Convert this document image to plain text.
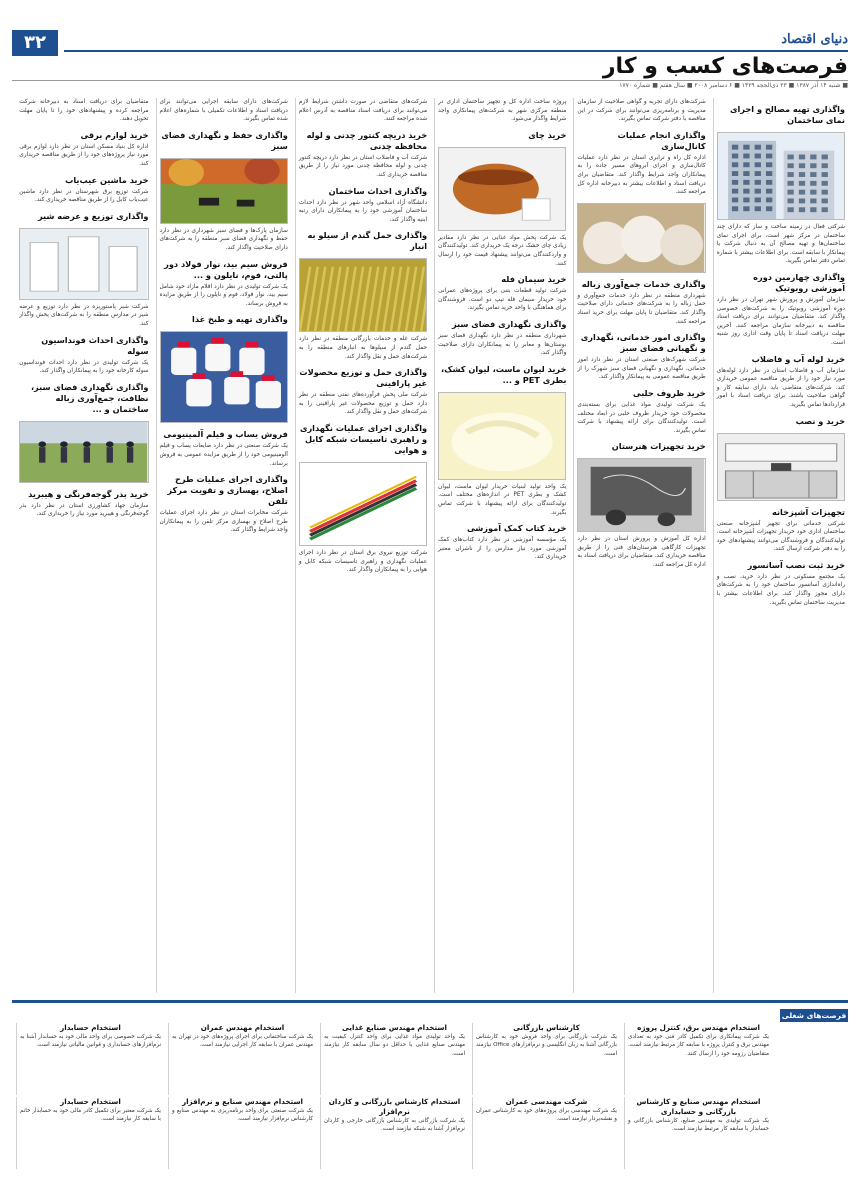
۳۲	دنیای اقتصاد
فرصت‌های کسب و کار
■ شنبه ۱۴ آذر ۱۳۸۷ ■ ۲۳ ذی‌الحجه ۱۴۲۹ ■ ۶ دسامبر ۲۰۰۸ ■ سال هفتم ■ شماره ۱۷۷۰
واگذاری تهیه مصالح و اجرای نمای ساختمان
شرکتی فعال در زمینه ساخت و ساز که دارای چند ساختمان در مرکز شهر است، برای اجرای نمای ساختمان‌ها و تهیه مصالح آن به دنبال شرکت یا پیمانکار با سابقه است. برای اطلاعات بیشتر با شماره تماس دفتر تماس بگیرید.
واگذاری چهارمین دوره آموزشی روبوتیک
سازمان آموزش و پرورش شهر تهران در نظر دارد دوره آموزشی روبوتیک را به شرکت‌های خصوصی واگذار کند. متقاضیان می‌توانند برای دریافت اسناد مناقصه به دبیرخانه سازمان مراجعه کنند. آخرین مهلت دریافت اسناد تا پایان وقت اداری روز شنبه است.
خرید لوله آب و فاضلاب
سازمان آب و فاضلاب استان در نظر دارد لوله‌های مورد نیاز خود را از طریق مناقصه عمومی خریداری کند. شرکت‌های متقاضی باید دارای سابقه کار و گواهی صلاحیت باشند. برای دریافت اسناد با امور قراردادها تماس بگیرید.
خرید و نصب
تجهیزات آشپزخانه
شرکتی خدماتی برای تجهیز آشپزخانه صنعتی ساختمان اداری خود خریدار تجهیزات آشپزخانه است. تولیدکنندگان و فروشندگان می‌توانند پیشنهادهای خود را به دفتر شرکت ارسال کنند.
خرید ثبت نصب آسانسور
یک مجتمع مسکونی در نظر دارد خرید، نصب و راه‌اندازی آسانسور ساختمان خود را به شرکت‌های دارای مجوز واگذار کند. برای اطلاعات بیشتر با مدیریت ساختمان تماس بگیرید.
شرکت‌های دارای تجربه و گواهی صلاحیت از سازمان مدیریت و برنامه‌ریزی می‌توانند برای شرکت در این مناقصه با دفتر شرکت تماس بگیرند.
واگذاری انجام عملیات کانال‌سازی
اداره کل راه و ترابری استان در نظر دارد عملیات کانال‌سازی و اجرای آبروهای مسیر جاده را به پیمانکاران واجد شرایط واگذار کند. متقاضیان برای دریافت اسناد و اطلاعات بیشتر به دبیرخانه اداره کل مراجعه کنند.
واگذاری خدمات جمع‌آوری زباله
شهرداری منطقه در نظر دارد خدمات جمع‌آوری و حمل زباله را به شرکت‌های خدماتی دارای صلاحیت واگذار کند. متقاضیان تا پایان مهلت برای خرید اسناد مراجعه کنند.
واگذاری امور خدماتی، نگهداری و نگهبانی فضای سبز
شرکت شهرک‌های صنعتی استان در نظر دارد امور خدماتی، نگهداری و نگهبانی فضای سبز شهرک را از طریق مناقصه عمومی به پیمانکار واگذار کند.
خرید ظروف حلبی
یک شرکت تولیدی مواد غذایی برای بسته‌بندی محصولات خود خریدار ظروف حلبی در ابعاد مختلف است. تولیدکنندگان برای ارائه پیشنهاد با شرکت تماس بگیرند.
خرید تجهیزات هنرستان
اداره کل آموزش و پرورش استان در نظر دارد تجهیزات کارگاهی هنرستان‌های فنی را از طریق مناقصه خریداری کند. متقاضیان برای دریافت اسناد به اداره کل مراجعه کنند.
پروژه ساخت اداره کل و تجهیز ساختمان اداری در منطقه مرکزی شهر به شرکت‌های پیمانکاری واجد شرایط واگذار می‌شود.
خرید چای
یک شرکت پخش مواد غذایی در نظر دارد مقادیر زیادی چای خشک درجه یک خریداری کند. تولیدکنندگان و واردکنندگان می‌توانند پیشنهاد قیمت خود را ارسال کنند.
خرید سیمان فله
شرکت تولید قطعات بتنی برای پروژه‌های عمرانی خود خریدار سیمان فله تیپ دو است. فروشندگان برای هماهنگی با واحد خرید تماس بگیرند.
واگذاری نگهداری فضای سبز
شهرداری منطقه در نظر دارد نگهداری فضای سبز بوستان‌ها و معابر را به پیمانکاران دارای صلاحیت واگذار کند.
خرید لیوان ماست، لیوان کشک، بطری PET و ...
یک واحد تولید لبنیات خریدار لیوان ماست، لیوان کشک و بطری PET در اندازه‌های مختلف است. تولیدکنندگان برای ارائه پیشنهاد با شرکت تماس بگیرند.
خرید کتاب کمک آموزشی
یک مؤسسه آموزشی در نظر دارد کتاب‌های کمک آموزشی مورد نیاز مدارس را از ناشران معتبر خریداری کند.
شرکت‌های متقاضی در صورت داشتن شرایط لازم می‌توانند برای دریافت اسناد مناقصه به آدرس اعلام شده مراجعه کنند.
خرید دریچه کنتور چدنی و لوله محافظه چدنی
شرکت آب و فاضلاب استان در نظر دارد دریچه کنتور چدنی و لوله محافظه چدنی مورد نیاز را از طریق مناقصه خریداری کند.
واگذاری احداث ساختمان
دانشگاه آزاد اسلامی واحد شهر در نظر دارد احداث ساختمان آموزشی خود را به پیمانکاران دارای رتبه ابنیه واگذار کند.
واگذاری حمل گندم از سیلو به انبار
شرکت غله و خدمات بازرگانی منطقه در نظر دارد حمل گندم از سیلوها به انبارهای منطقه را به شرکت‌های حمل و نقل واگذار کند.
واگذاری حمل و توزیع محصولات غیر پارافینی
شرکت ملی پخش فرآورده‌های نفتی منطقه در نظر دارد حمل و توزیع محصولات غیر پارافینی را به شرکت‌های حمل و نقل واگذار کند.
واگذاری اجرای عملیات نگهداری و راهبری تاسیسات شبکه کابل و هوایی
شرکت توزیع نیروی برق استان در نظر دارد اجرای عملیات نگهداری و راهبری تاسیسات شبکه کابل و هوایی را به پیمانکاران واگذار کند.
شرکت‌های دارای سابقه اجرایی می‌توانند برای دریافت اسناد و اطلاعات تکمیلی با شماره‌های اعلام شده تماس بگیرند.
واگذاری حفظ و نگهداری فضای سبز
سازمان پارک‌ها و فضای سبز شهرداری در نظر دارد حفظ و نگهداری فضای سبز منطقه را به شرکت‌های دارای صلاحیت واگذار کند.
فروش سیم بید، نوار فولاد دور پالتی، فوم، نایلون و ...
یک شرکت تولیدی در نظر دارد اقلام مازاد خود شامل سیم بید، نوار فولاد، فوم و نایلون را از طریق مزایده به فروش برساند.
واگذاری تهیه و طبخ غذا
فروش یساب و فیلم آلمینیومی
یک شرکت صنعتی در نظر دارد ضایعات یساب و فیلم آلومینیومی خود را از طریق مزایده عمومی به فروش برساند.
واگذاری اجرای عملیات طرح اصلاح، بهسازی و تقویت مرکز تلفن
شرکت مخابرات استان در نظر دارد اجرای عملیات طرح اصلاح و بهسازی مرکز تلفن را به پیمانکاران واجد شرایط واگذار کند.
متقاضیان برای دریافت اسناد به دبیرخانه شرکت مراجعه کرده و پیشنهادهای خود را تا پایان مهلت تحویل دهند.
خرید لوازم برقی
اداره کل بنیاد مسکن استان در نظر دارد لوازم برقی مورد نیاز پروژه‌های خود را از طریق مناقصه خریداری کند.
خرید ماشین عیب‌یاب
شرکت توزیع برق شهرستان در نظر دارد ماشین عیب‌یاب کابل را از طریق مناقصه خریداری کند.
واگذاری توزیع و عرضه شیر
شرکت شیر پاستوریزه در نظر دارد توزیع و عرضه شیر در مدارس منطقه را به شرکت‌های پخش واگذار کند.
واگذاری احداث فونداسیون سوله
یک شرکت تولیدی در نظر دارد احداث فونداسیون سوله کارخانه خود را به پیمانکاران واگذار کند.
واگذاری نگهداری فضای سبز، نظافت، جمع‌آوری زباله ساختمان و ...
خرید بذر گوجه‌فرنگی و هیبرید
سازمان جهاد کشاورزی استان در نظر دارد بذر گوجه‌فرنگی و هیبرید مورد نیاز را خریداری کند.
فرصت‌های شغلی
استخدام مهندس برق، کنترل پروژه
یک شرکت پیمانکاری برای تکمیل کادر فنی خود به تعدادی مهندس برق و کنترل پروژه با سابقه کار مرتبط نیازمند است. متقاضیان رزومه خود را ارسال کنند.
کارشناس بازرگانی
یک شرکت بازرگانی برای واحد فروش خود به کارشناس بازرگانی آشنا به زبان انگلیسی و نرم‌افزارهای Office نیازمند است.
استخدام مهندس صنایع غذایی
یک واحد تولیدی مواد غذایی برای واحد کنترل کیفیت به مهندس صنایع غذایی با حداقل دو سال سابقه کار نیازمند است.
استخدام مهندس عمران
یک شرکت ساختمانی برای اجرای پروژه‌های خود در تهران به مهندس عمران با سابقه کار اجرایی نیازمند است.
استخدام حسابدار
یک شرکت خصوصی برای واحد مالی خود به حسابدار آشنا به نرم‌افزارهای حسابداری و قوانین مالیاتی نیازمند است.
استخدام مهندس صنایع و کارشناس بازرگانی و حسابداری
یک شرکت تولیدی به مهندس صنایع، کارشناس بازرگانی و حسابدار با سابقه کار مرتبط نیازمند است.
شرکت مهندسی عمران
یک شرکت مهندسی برای پروژه‌های خود به کارشناس عمران و نقشه‌بردار نیازمند است.
استخدام کارشناس بازرگانی و کاردان نرم‌افزار
یک شرکت بازرگانی به کارشناس بازرگانی خارجی و کاردان نرم‌افزار آشنا به شبکه نیازمند است.
استخدام مهندس صنایع و نرم‌افزار
یک شرکت صنعتی برای واحد برنامه‌ریزی به مهندس صنایع و کارشناس نرم‌افزار نیازمند است.
استخدام حسابدار
یک شرکت معتبر برای تکمیل کادر مالی خود به حسابدار خانم با سابقه کار نیازمند است.
